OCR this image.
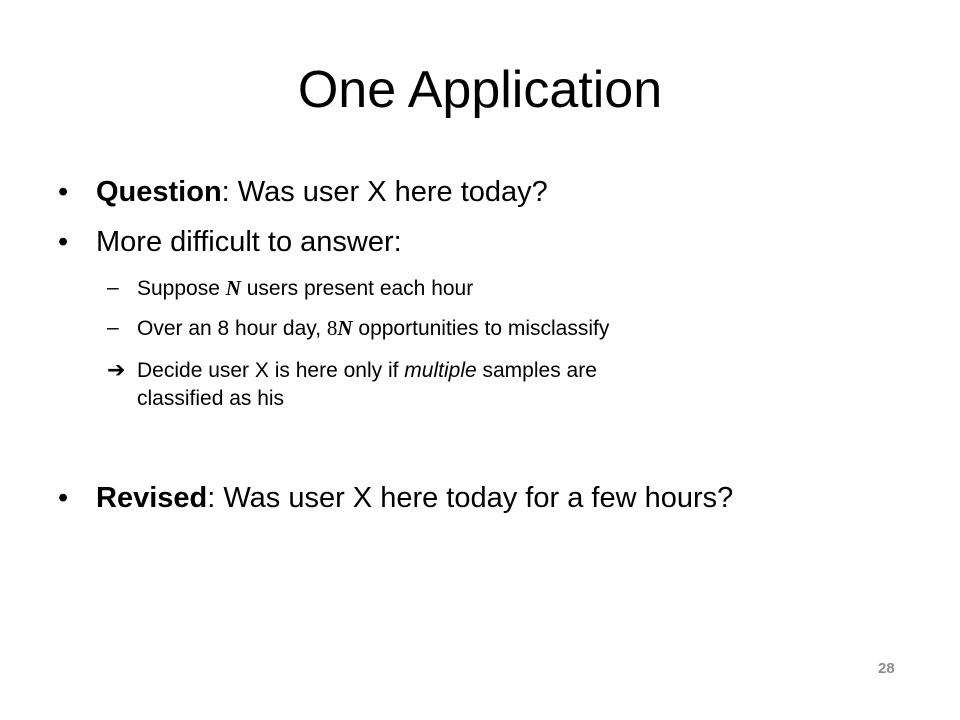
One Application
• Question: Was user X here today?
• More difficult to answer:
– Suppose N users present each hour
– Over an 8 hour day, 8N opportunities to misclassify
➔ Decide user X is here only if multiple samples are
classified as his
• Revised: Was user X here today for a few hours?
28
